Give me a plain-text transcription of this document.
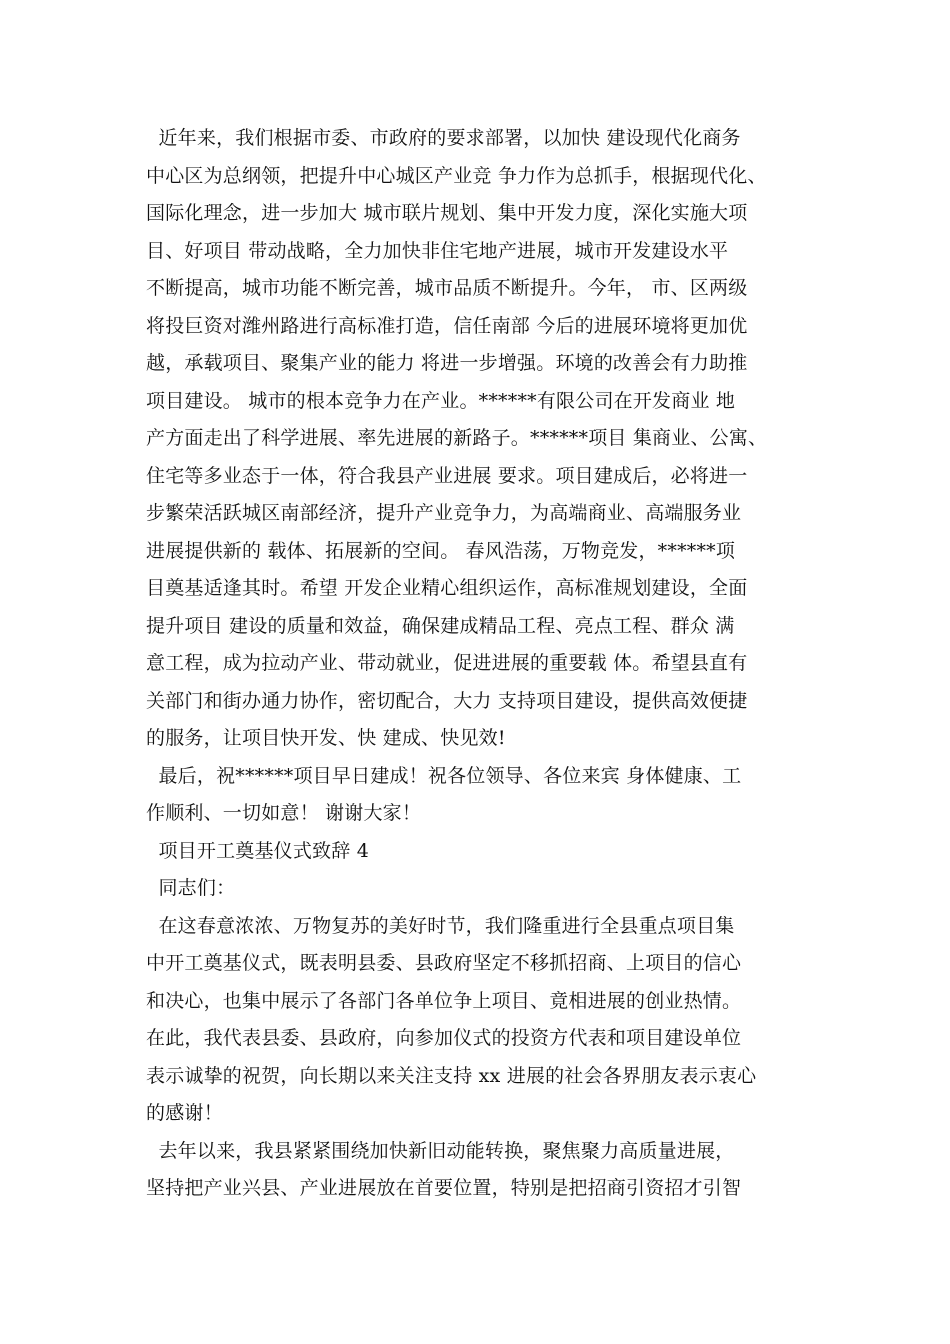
近年来，我们根据市委、市政府的要求部署，以加快 建设现代化商务
中心区为总纲领，把提升中心城区产业竞 争力作为总抓手，根据现代化、
国际化理念，进一步加大 城市联片规划、集中开发力度，深化实施大项
目、好项目 带动战略，全力加快非住宅地产进展，城市开发建设水平
不断提高，城市功能不断完善，城市品质不断提升。今年， 市、区两级
将投巨资对潍州路进行高标准打造，信任南部 今后的进展环境将更加优
越，承载项目、聚集产业的能力 将进一步增强。环境的改善会有力助推
项目建设。 城市的根本竞争力在产业。******有限公司在开发商业 地
产方面走出了科学进展、率先进展的新路子。******项目 集商业、公寓、
住宅等多业态于一体，符合我县产业进展 要求。项目建成后，必将进一
步繁荣活跃城区南部经济，提升产业竞争力，为高端商业、高端服务业
进展提供新的 载体、拓展新的空间。 春风浩荡，万物竞发，******项
目奠基适逢其时。希望 开发企业精心组织运作，高标准规划建设，全面
提升项目 建设的质量和效益，确保建成精品工程、亮点工程、群众 满
意工程，成为拉动产业、带动就业，促进进展的重要载 体。希望县直有
关部门和街办通力协作，密切配合，大力 支持项目建设，提供高效便捷
的服务，让项目快开发、快 建成、快见效!
最后，祝******项目早日建成！祝各位领导、各位来宾 身体健康、工
作顺利、一切如意！ 谢谢大家！
项目开工奠基仪式致辞 4
同志们：
在这春意浓浓、万物复苏的美好时节，我们隆重进行全县重点项目集
中开工奠基仪式，既表明县委、县政府坚定不移抓招商、上项目的信心
和决心，也集中展示了各部门各单位争上项目、竟相进展的创业热情。
在此，我代表县委、县政府，向参加仪式的投资方代表和项目建设单位
表示诚挚的祝贺，向长期以来关注支持 xx 进展的社会各界朋友表示衷心
的感谢！
去年以来，我县紧紧围绕加快新旧动能转换，聚焦聚力高质量进展，
坚持把产业兴县、产业进展放在首要位置，特别是把招商引资招才引智
